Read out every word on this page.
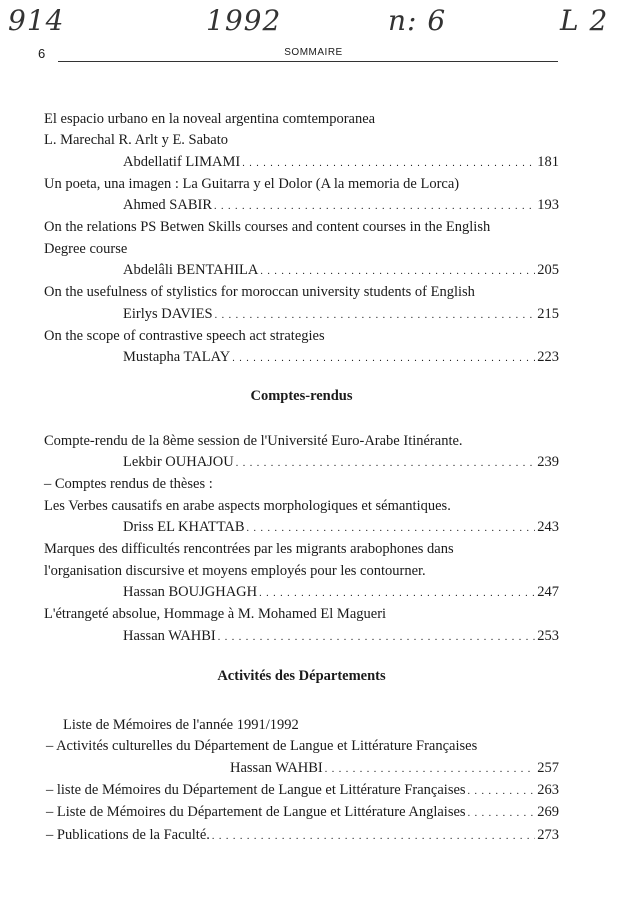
914	1992	n: 6	L 2
6	SOMMAIRE
El espacio urbano en la noveal argentina comtemporanea
L. Marechal R. Arlt y E. Sabato
Abdellatif LIMAMI . . .	181
Un poeta, una imagen : La Guitarra y el Dolor (A la memoria de Lorca)
Ahmed SABIR . . .	193
On the relations PS Betwen Skills courses and content courses in the English
Degree course
Abdelâli BENTAHILA . . .	205
On the usefulness of stylistics for moroccan university students of English
Eirlys DAVIES . . .	215
On the scope of contrastive speech act strategies
Mustapha TALAY . . .	223
Comptes-rendus
Compte-rendu de la 8ème session de l'Université Euro-Arabe Itinérante.
Lekbir OUHAJOU . . .	239
– Comptes rendus de thèses :
Les Verbes causatifs en arabe aspects morphologiques et sémantiques.
Driss EL KHATTAB . . .	243
Marques des difficultés rencontrées par les migrants arabophones dans
l'organisation discursive et moyens employés pour les contourner.
Hassan BOUJGHAGH . . .	247
L'étrangeté absolue, Hommage à M. Mohamed El Magueri
Hassan WAHBI . . .	253
Activités des Départements
Liste de Mémoires de l'année 1991/1992
– Activités culturelles du Département de Langue et Littérature Françaises
Hassan WAHBI . . .	257
– liste de Mémoires du Département de Langue et Littérature Françaises . . .	263
– Liste de Mémoires du Département de Langue et Littérature Anglaises . . .	269
– Publications de la Faculté. . . .	273
